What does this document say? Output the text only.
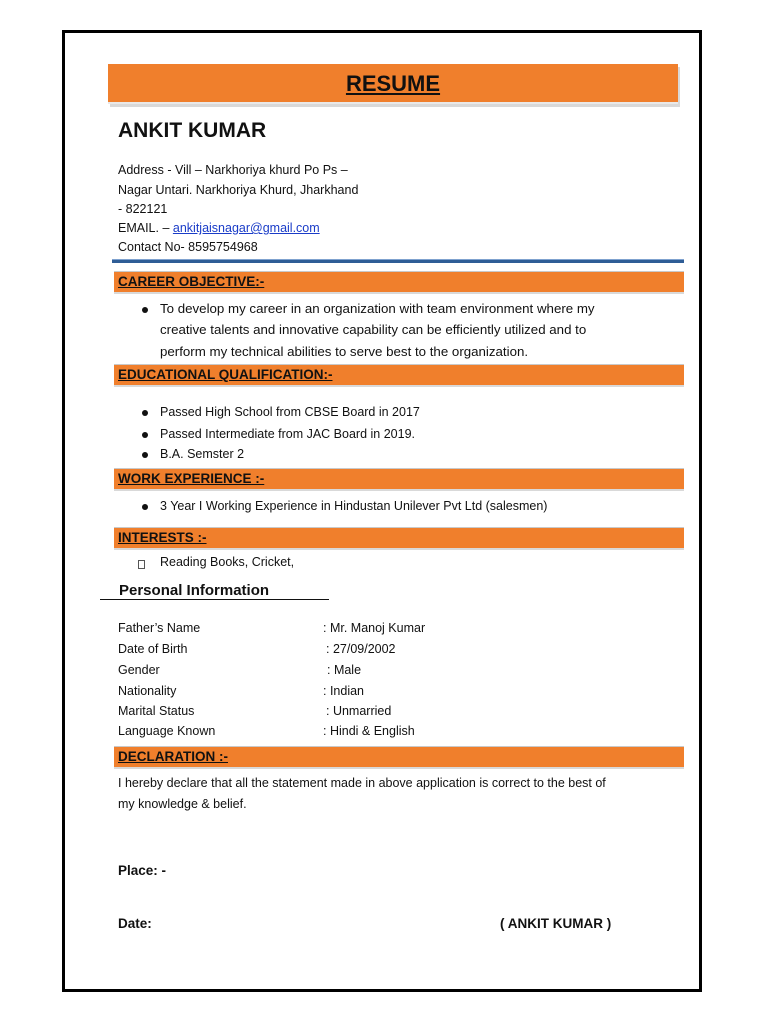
RESUME
ANKIT KUMAR
Address - Vill – Narkhoriya khurd Po Ps –
Nagar Untari. Narkhoriya Khurd, Jharkhand
- 822121
EMAIL. – ankitjaisnagar@gmail.com
Contact No- 8595754968
CAREER OBJECTIVE:-
To develop my career in an organization with team environment where my
creative talents and innovative capability can be efficiently utilized and to
perform my technical abilities to serve best to the organization.
EDUCATIONAL QUALIFICATION:-
Passed High School from CBSE Board in 2017
Passed Intermediate from JAC Board in 2019.
B.A. Semster 2
WORK EXPERIENCE :-
3 Year I Working Experience in Hindustan Unilever Pvt Ltd (salesmen)
INTERESTS :-
Reading Books, Cricket,
Personal Information
Father’s Name	: Mr. Manoj Kumar
Date of Birth	: 27/09/2002
Gender	: Male
Nationality	: Indian
Marital Status	: Unmarried
Language Known	: Hindi & English
DECLARATION :-
I hereby declare that all the statement made in above application is correct to the best of
my knowledge & belief.
Place: -
Date:	( ANKIT KUMAR )
